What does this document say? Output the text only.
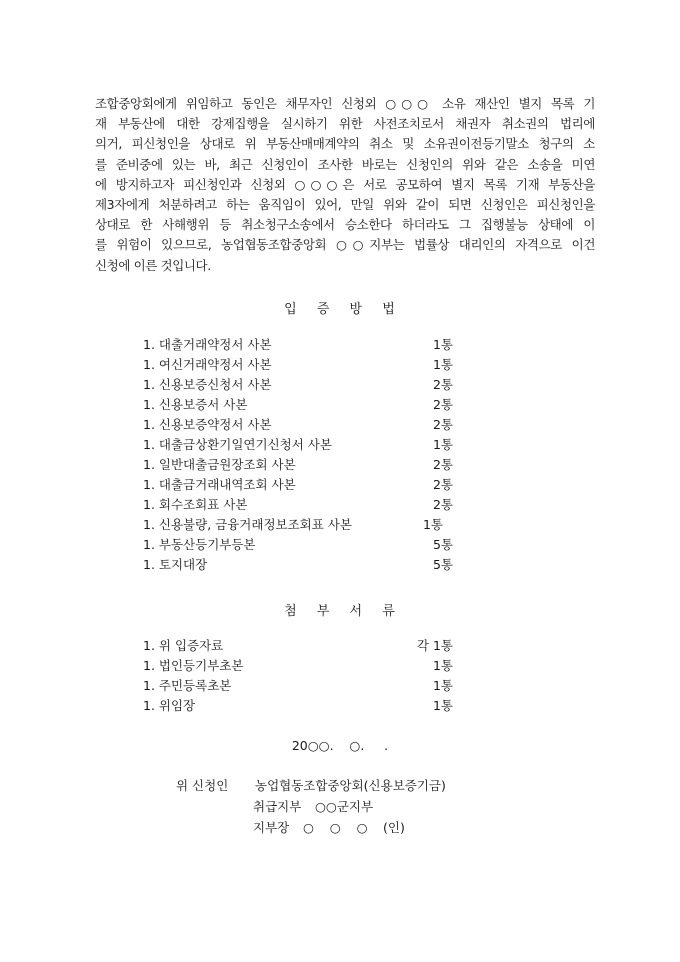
조합중앙회에게 위임하고 동인은 채무자인 신청외 ○○○ 소유 재산인 별지 목록 기
재 부동산에 대한 강제집행을 실시하기 위한 사전조치로서 채권자 취소권의 법리에
의거, 피신청인을 상대로 위 부동산매매계약의 취소 및 소유권이전등기말소 청구의 소
를 준비중에 있는 바, 최근 신청인이 조사한 바로는 신청인의 위와 같은 소송을 미연
에 방지하고자 피신청인과 신청외 ○○○은 서로 공모하여 별지 목록 기재 부동산을
제3자에게 처분하려고 하는 움직임이 있어, 만일 위와 같이 되면 신청인은 피신청인을
상대로 한 사해행위 등 취소청구소송에서 승소한다 하더라도 그 집행불능 상태에 이
를 위험이 있으므로, 농업협동조합중앙회 ○○지부는 법률상 대리인의 자격으로 이건
신청에 이른 것입니다.
입 증 방 법
1. 대출거래약정서 사본	1통
1. 여신거래약정서 사본	1통
1. 신용보증신청서 사본	2통
1. 신용보증서 사본	2통
1. 신용보증약정서 사본	2통
1. 대출금상환기일연기신청서 사본	1통
1. 일반대출금원장조회 사본	2통
1. 대출금거래내역조회 사본	2통
1. 회수조회표 사본	2통
1. 신용불량, 금융거래정보조회표 사본	1통
1. 부동산등기부등본	5통
1. 토지대장	5통
첨 부 서 류
1. 위 입증자료	각 1통
1. 법인등기부초본	1통
1. 주민등록초본	1통
1. 위임장	1통
20○○.    ○.     .
위 신청인 농업협동조합중앙회(신용보증기금)
취급지부 ○○군지부
지부장 ○    ○    ○ (인)
